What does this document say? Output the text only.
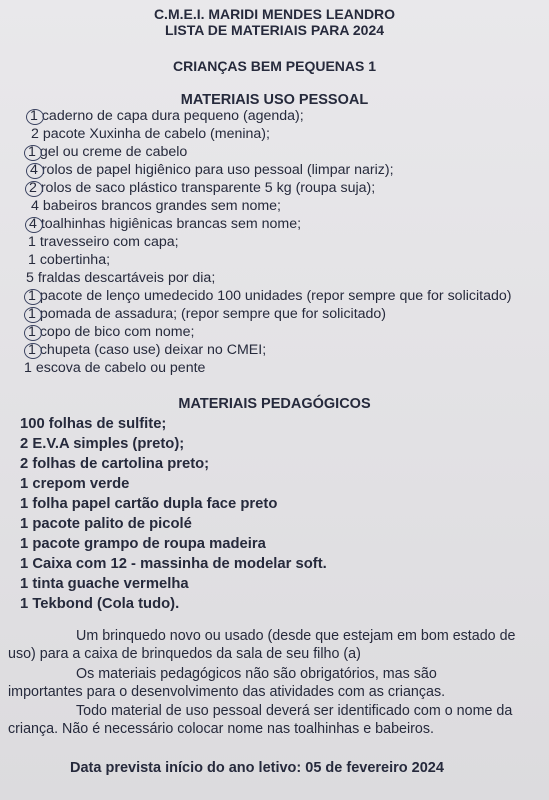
C.M.E.I. MARIDI MENDES LEANDRO
LISTA DE MATERIAIS PARA 2024
CRIANÇAS BEM PEQUENAS 1
MATERIAIS USO PESSOAL
1 caderno de capa dura pequeno (agenda);
2 pacote Xuxinha de cabelo (menina);
1 gel ou creme de cabelo
4 rolos de papel higiênico para uso pessoal (limpar nariz);
2 rolos de saco plástico transparente 5 kg (roupa suja);
4 babeiros brancos grandes sem nome;
4 toalhinhas higiênicas brancas sem nome;
1 travesseiro com capa;
1 cobertinha;
5 fraldas descartáveis por dia;
1 pacote de lenço umedecido 100 unidades (repor sempre que for solicitado)
1 pomada de assadura; (repor sempre que for solicitado)
1 copo de bico com nome;
1 chupeta (caso use) deixar no CMEI;
1 escova de cabelo ou pente
MATERIAIS PEDAGÓGICOS
100 folhas de sulfite;
2 E.V.A simples (preto);
2 folhas de cartolina preto;
1 crepom verde
1 folha papel cartão dupla face preto
1 pacote palito de picolé
1 pacote grampo de roupa madeira
1 Caixa com 12 - massinha de modelar soft.
1 tinta guache vermelha
1 Tekbond (Cola tudo).
Um brinquedo novo ou usado (desde que estejam em bom estado de
uso) para a caixa de brinquedos da sala de seu filho (a)
Os materiais pedagógicos não são obrigatórios, mas são
importantes para o desenvolvimento das atividades com as crianças.
Todo material de uso pessoal deverá ser identificado com o nome da
criança. Não é necessário colocar nome nas toalhinhas e babeiros.
Data prevista início do ano letivo: 05 de fevereiro 2024
